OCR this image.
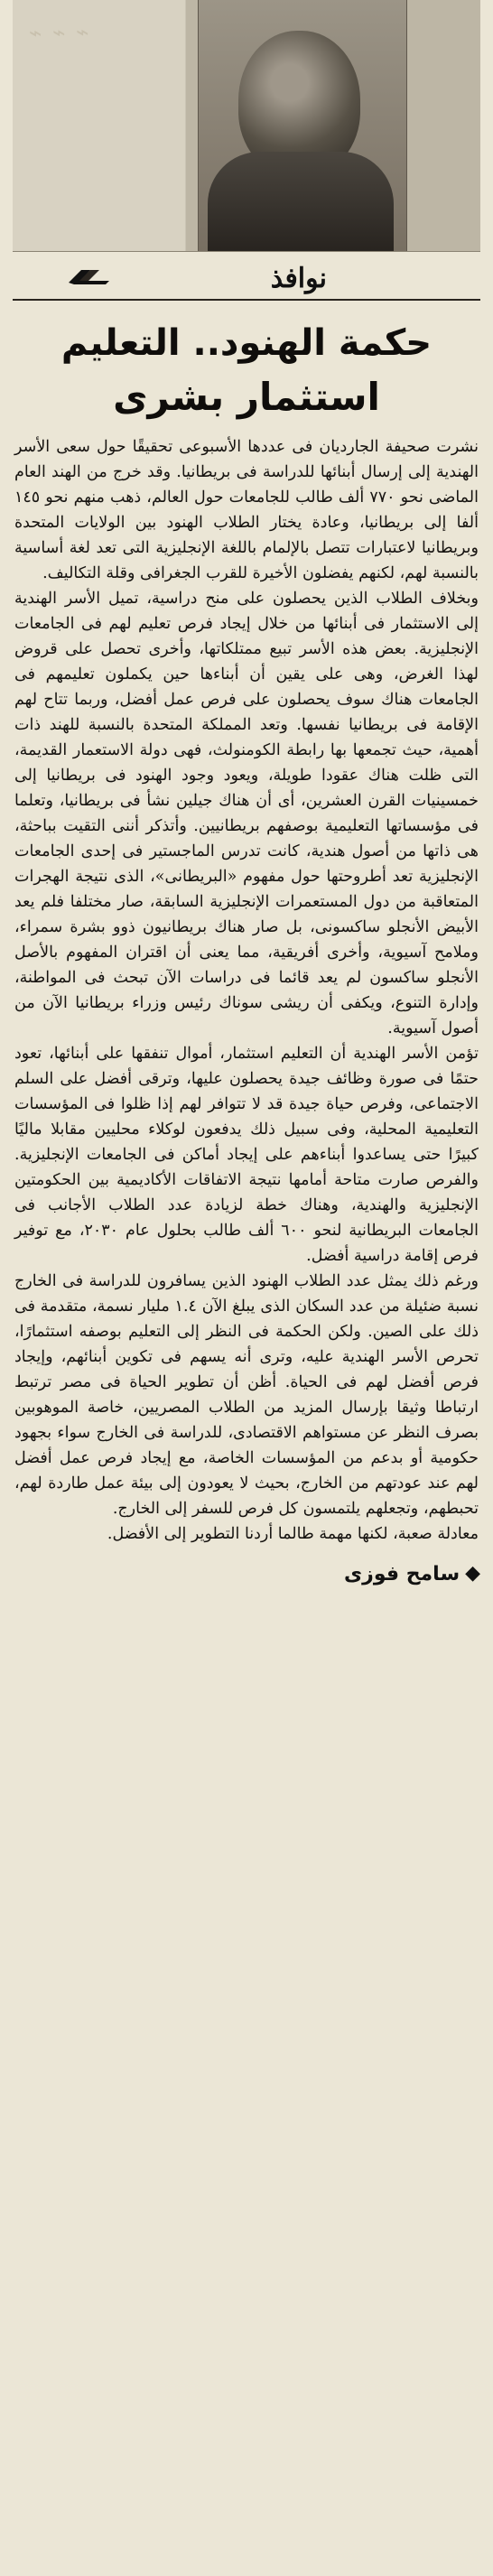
⌁ ⌁ ⌁
نوافذ
حكمة الهنود.. التعليم
استثمار بشرى

نشرت صحيفة الجارديان فى عددها الأسبوعى تحقيقًا حول سعى الأسر الهندية إلى إرسال أبنائها للدراسة فى بريطانيا. وقد خرج من الهند العام الماضى نحو ٧٧٠ ألف طالب للجامعات حول العالم، ذهب منهم نحو ١٤٥ ألفا إلى بريطانيا، وعادة يختار الطلاب الهنود بين الولايات المتحدة وبريطانيا لاعتبارات تتصل بالإلمام باللغة الإنجليزية التى تعد لغة أساسية بالنسبة لهم، لكنهم يفضلون الأخيرة للقرب الجغرافى وقلة التكاليف.

وبخلاف الطلاب الذين يحصلون على منح دراسية، تميل الأسر الهندية إلى الاستثمار فى أبنائها من خلال إيجاد فرص تعليم لهم فى الجامعات الإنجليزية. بعض هذه الأسر تبيع ممتلكاتها، وأخرى تحصل على قروض لهذا الغرض، وهى على يقين أن أبناءها حين يكملون تعليمهم فى الجامعات هناك سوف يحصلون على فرص عمل أفضل، وربما تتاح لهم الإقامة فى بريطانيا نفسها. وتعد المملكة المتحدة بالنسبة للهند ذات أهمية، حيث تجمعها بها رابطة الكومنولث، فهى دولة الاستعمار القديمة، التى ظلت هناك عقودا طويلة، ويعود وجود الهنود فى بريطانيا إلى خمسينيات القرن العشرين، أى أن هناك جيلين نشأ فى بريطانيا، وتعلما فى مؤسساتها التعليمية بوصفهم بريطانيين. وأتذكر أننى التقيت بباحثة، هى ذاتها من أصول هندية، كانت تدرس الماجستير فى إحدى الجامعات الإنجليزية تعد أطروحتها حول مفهوم «البريطانى»، الذى نتيجة الهجرات المتعاقبة من دول المستعمرات الإنجليزية السابقة، صار مختلفا فلم يعد الأبيض الأنجلو ساكسونى، بل صار هناك بريطانيون ذوو بشرة سمراء، وملامح آسيوية، وأخرى أفريقية، مما يعنى أن اقتران المفهوم بالأصل الأنجلو ساكسون لم يعد قائما فى دراسات الآن تبحث فى المواطنة، وإدارة التنوع، ويكفى أن ريشى سوناك رئيس وزراء بريطانيا الآن من أصول آسيوية.

تؤمن الأسر الهندية أن التعليم استثمار، أموال تنفقها على أبنائها، تعود حتمًا فى صورة وظائف جيدة يحصلون عليها، وترقى أفضل على السلم الاجتماعى، وفرص حياة جيدة قد لا تتوافر لهم إذا ظلوا فى المؤسسات التعليمية المحلية، وفى سبيل ذلك يدفعون لوكلاء محليين مقابلا ماليًا كبيرًا حتى يساعدوا أبناءهم على إيجاد أماكن فى الجامعات الإنجليزية. والفرص صارت متاحة أمامها نتيجة الاتفاقات الأكاديمية بين الحكومتين الإنجليزية والهندية، وهناك خطة لزيادة عدد الطلاب الأجانب فى الجامعات البريطانية لنحو ٦٠٠ ألف طالب بحلول عام ٢٠٣٠، مع توفير فرص إقامة دراسية أفضل.

ورغم ذلك يمثل عدد الطلاب الهنود الذين يسافرون للدراسة فى الخارج نسبة ضئيلة من عدد السكان الذى يبلغ الآن ١.٤ مليار نسمة، متقدمة فى ذلك على الصين. ولكن الحكمة فى النظر إلى التعليم بوصفه استثمارًا، تحرص الأسر الهندية عليه، وترى أنه يسهم فى تكوين أبنائهم، وإيجاد فرص أفضل لهم فى الحياة. أظن أن تطوير الحياة فى مصر ترتبط ارتباطا وثيقا بإرسال المزيد من الطلاب المصريين، خاصة الموهوبين بصرف النظر عن مستواهم الاقتصادى، للدراسة فى الخارج سواء بجهود حكومية أو بدعم من المؤسسات الخاصة، مع إيجاد فرص عمل أفضل لهم عند عودتهم من الخارج، بحيث لا يعودون إلى بيئة عمل طاردة لهم، تحبطهم، وتجعلهم يلتمسون كل فرص للسفر إلى الخارج.

معادلة صعبة، لكنها مهمة طالما أردنا التطوير إلى الأفضل.

◆سامح فوزى
